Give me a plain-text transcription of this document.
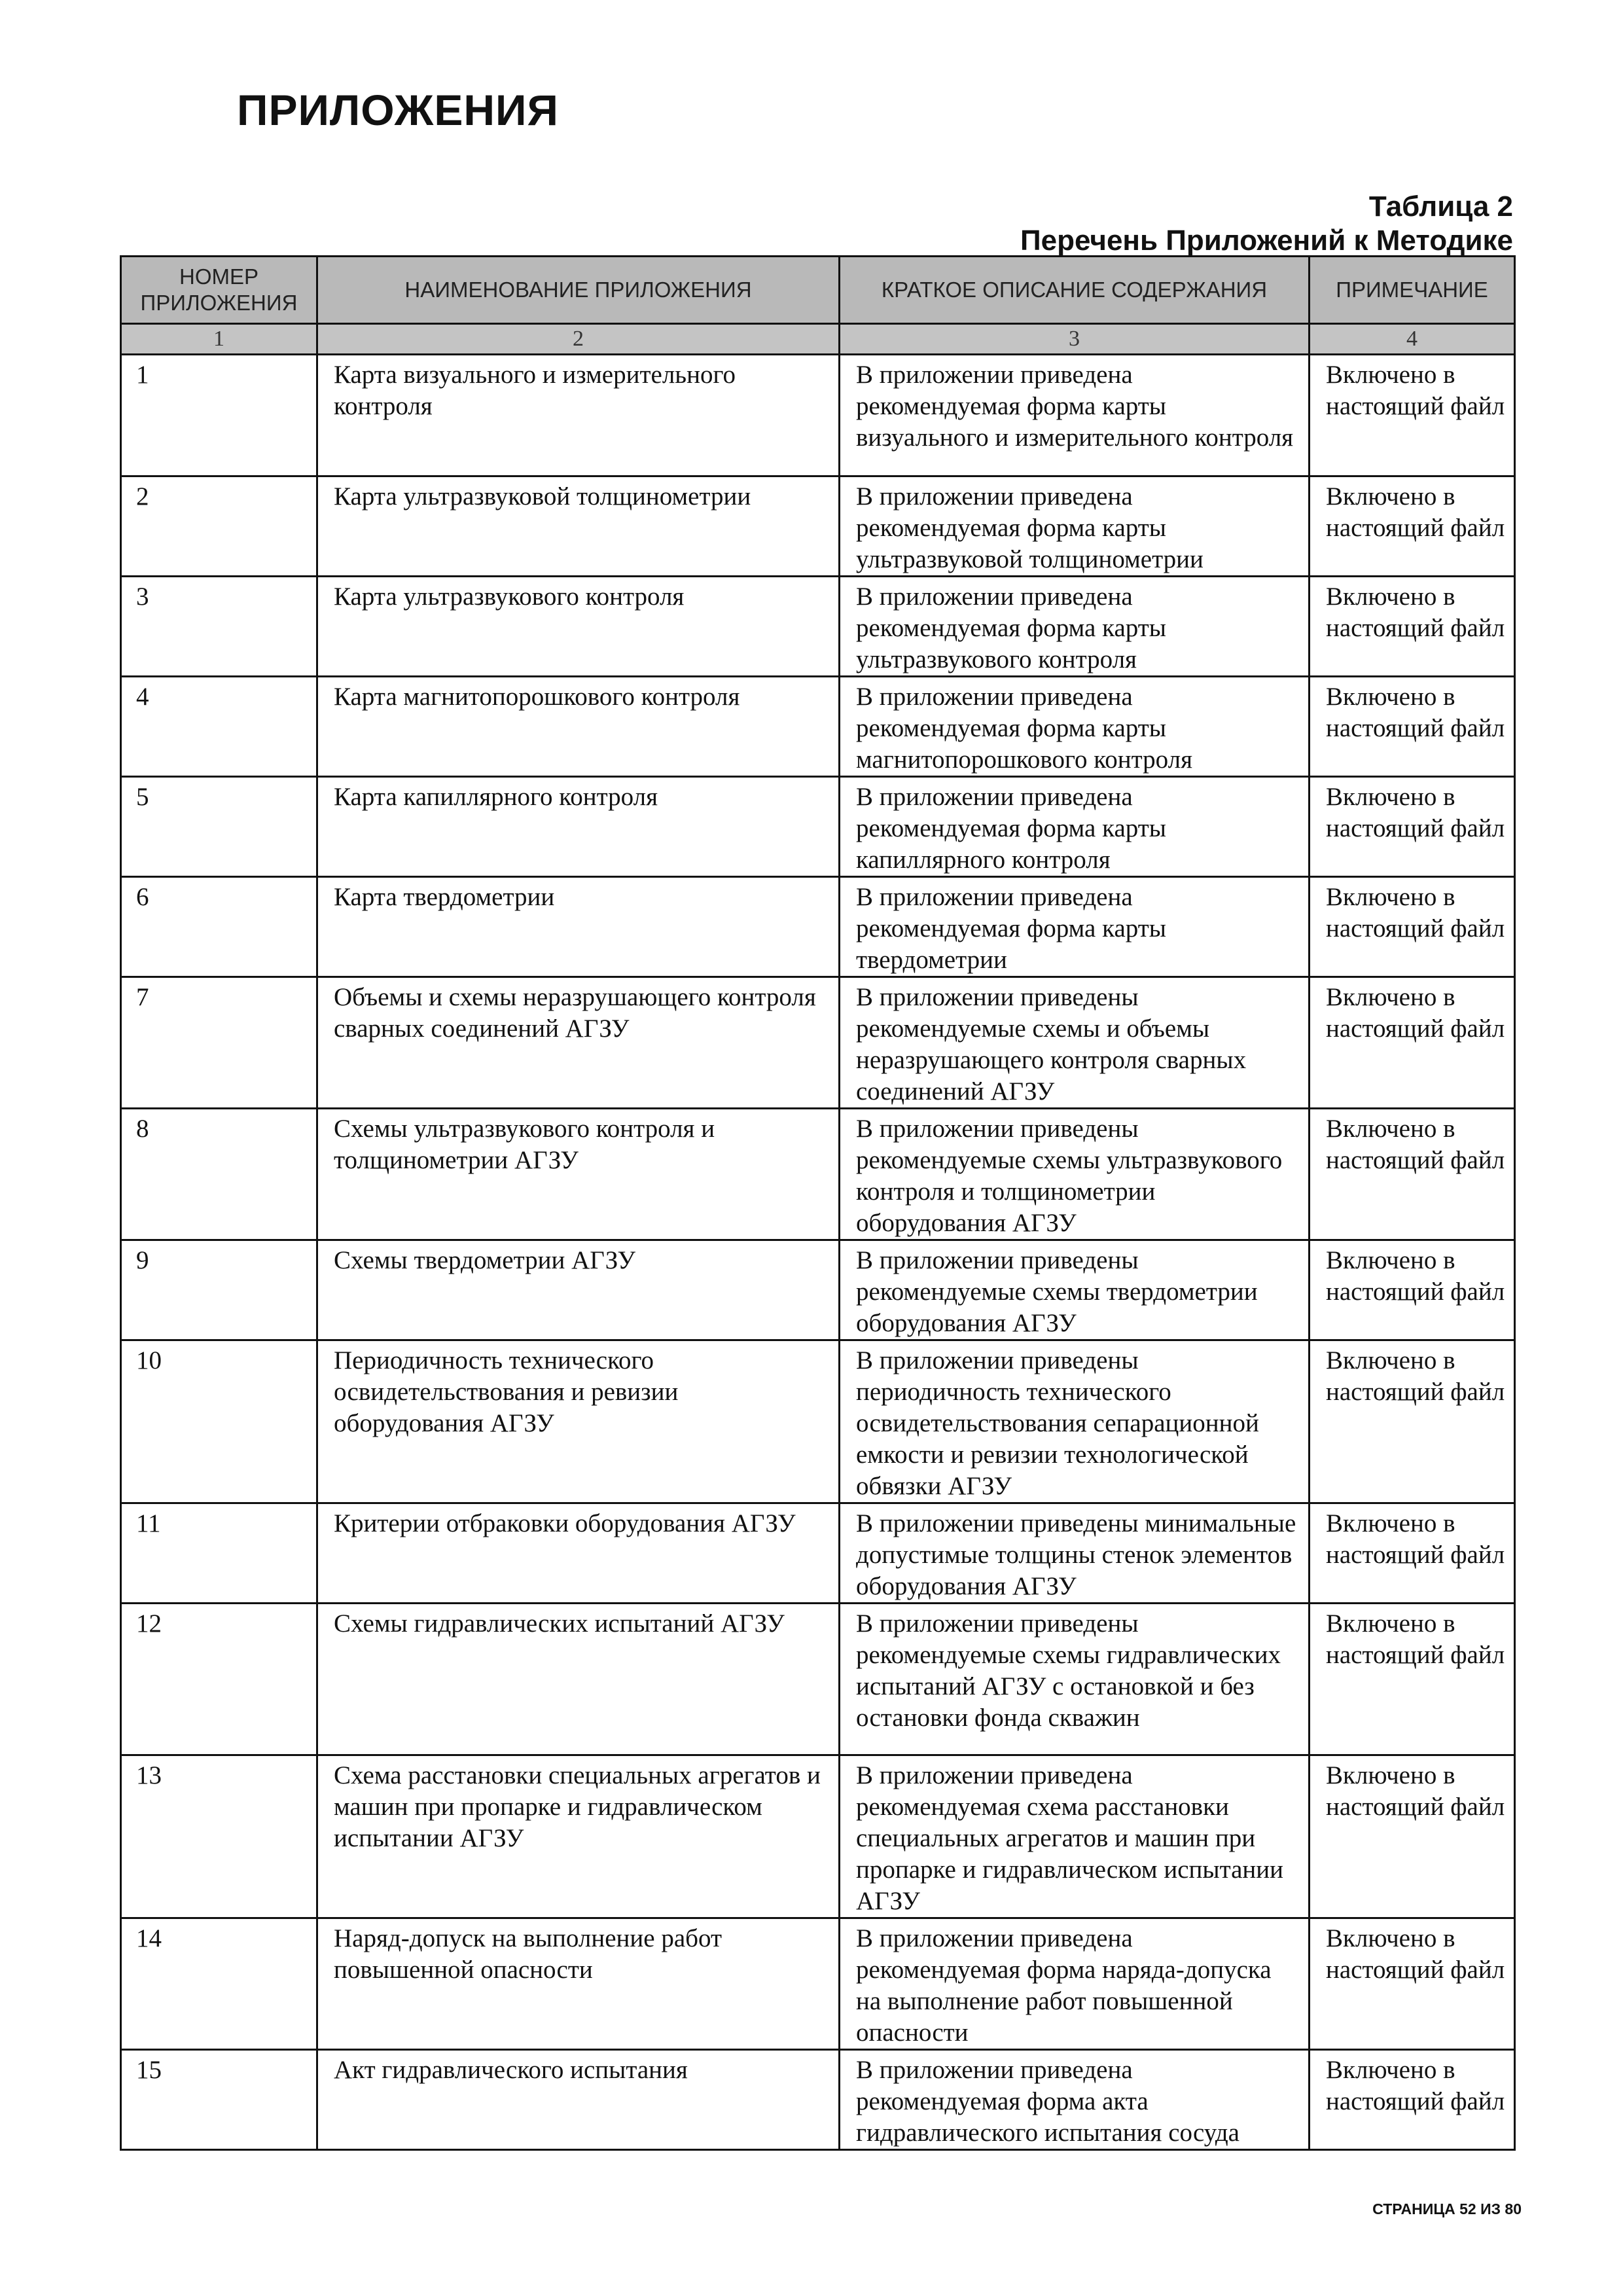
ПРИЛОЖЕНИЯ
Таблица 2
Перечень Приложений к Методике
НОМЕР ПРИЛОЖЕНИЯ	НАИМЕНОВАНИЕ ПРИЛОЖЕНИЯ	КРАТКОЕ ОПИСАНИЕ СОДЕРЖАНИЯ	ПРИМЕЧАНИЕ
1	2	3	4
1	Карта визуального и измерительного контроля	В приложении приведена рекомендуемая форма карты визуального и измерительного контроля	Включено в настоящий файл
2	Карта ультразвуковой толщинометрии	В приложении приведена рекомендуемая форма карты ультразвуковой толщинометрии	Включено в настоящий файл
3	Карта ультразвукового контроля	В приложении приведена рекомендуемая форма карты ультразвукового контроля	Включено в настоящий файл
4	Карта магнитопорошкового контроля	В приложении приведена рекомендуемая форма карты магнитопорошкового контроля	Включено в настоящий файл
5	Карта капиллярного контроля	В приложении приведена рекомендуемая форма карты капиллярного контроля	Включено в настоящий файл
6	Карта твердометрии	В приложении приведена рекомендуемая форма карты твердометрии	Включено в настоящий файл
7	Объемы и схемы неразрушающего контроля сварных соединений АГЗУ	В приложении приведены рекомендуемые схемы и объемы неразрушающего контроля сварных соединений АГЗУ	Включено в настоящий файл
8	Схемы ультразвукового контроля и толщинометрии АГЗУ	В приложении приведены рекомендуемые схемы ультразвукового контроля и толщинометрии оборудования АГЗУ	Включено в настоящий файл
9	Схемы твердометрии АГЗУ	В приложении приведены рекомендуемые схемы твердометрии оборудования АГЗУ	Включено в настоящий файл
10	Периодичность технического освидетельствования и ревизии оборудования АГЗУ	В приложении приведены периодичность технического освидетельствования сепарационной емкости и ревизии технологической обвязки АГЗУ	Включено в настоящий файл
11	Критерии отбраковки оборудования АГЗУ	В приложении приведены минимальные допустимые толщины стенок элементов оборудования АГЗУ	Включено в настоящий файл
12	Схемы гидравлических испытаний АГЗУ	В приложении приведены рекомендуемые схемы гидравлических испытаний АГЗУ с остановкой и без остановки фонда скважин	Включено в настоящий файл
13	Схема расстановки специальных агрегатов и машин при пропарке и гидравлическом испытании АГЗУ	В приложении приведена рекомендуемая схема расстановки специальных агрегатов и машин при пропарке и гидравлическом испытании АГЗУ	Включено в настоящий файл
14	Наряд-допуск на выполнение работ повышенной опасности	В приложении приведена рекомендуемая форма наряда-допуска на выполнение работ повышенной опасности	Включено в настоящий файл
15	Акт гидравлического испытания	В приложении приведена рекомендуемая форма акта гидравлического испытания сосуда	Включено в настоящий файл
СТРАНИЦА 52 ИЗ 80
